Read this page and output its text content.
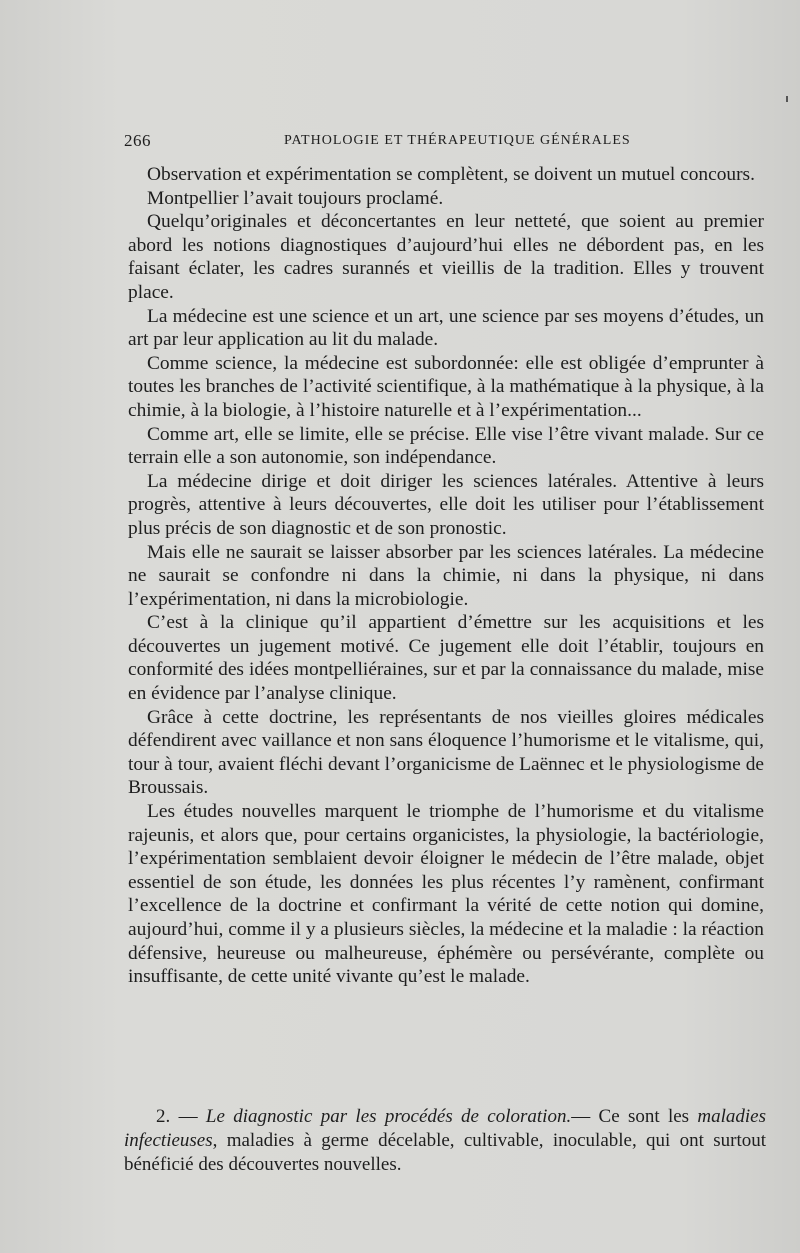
266	PATHOLOGIE ET THÉRAPEUTIQUE GÉNÉRALES

Observation et expérimentation se complètent, se doivent un mutuel concours.

Montpellier l’avait toujours proclamé.

Quelqu’originales et déconcertantes en leur netteté, que soient au premier abord les notions diagnostiques d’aujourd’hui elles ne débordent pas, en les faisant éclater, les cadres surannés et vieillis de la tradition. Elles y trouvent place.

La médecine est une science et un art, une science par ses moyens d’études, un art par leur application au lit du malade.

Comme science, la médecine est subordonnée: elle est obligée d’emprunter à toutes les branches de l’activité scientifique, à la mathématique à la physique, à la chimie, à la biologie, à l’histoire naturelle et à l’expérimentation...

Comme art, elle se limite, elle se précise. Elle vise l’être vivant malade. Sur ce terrain elle a son autonomie, son indépendance.

La médecine dirige et doit diriger les sciences latérales. Attentive à leurs progrès, attentive à leurs découvertes, elle doit les utiliser pour l’établissement plus précis de son diagnostic et de son pronostic.

Mais elle ne saurait se laisser absorber par les sciences latérales. La médecine ne saurait se confondre ni dans la chimie, ni dans la physique, ni dans l’expérimentation, ni dans la microbiologie.

C’est à la clinique qu’il appartient d’émettre sur les acquisitions et les découvertes un jugement motivé. Ce jugement elle doit l’établir, toujours en conformité des idées montpelliéraines, sur et par la connaissance du malade, mise en évidence par l’analyse clinique.

Grâce à cette doctrine, les représentants de nos vieilles gloires médicales défendirent avec vaillance et non sans éloquence l’humorisme et le vitalisme, qui, tour à tour, avaient fléchi devant l’organicisme de Laënnec et le physiologisme de Broussais.

Les études nouvelles marquent le triomphe de l’humorisme et du vitalisme rajeunis, et alors que, pour certains organicistes, la physiologie, la bactériologie, l’expérimentation semblaient devoir éloigner le médecin de l’être malade, objet essentiel de son étude, les données les plus récentes l’y ramènent, confirmant l’excellence de la doctrine et confirmant la vérité de cette notion qui domine, aujourd’hui, comme il y a plusieurs siècles, la médecine et la maladie : la réaction défensive, heureuse ou malheureuse, éphémère ou persévérante, complète ou insuffisante, de cette unité vivante qu’est le malade.

2. — Le diagnostic par les procédés de coloration.— Ce sont les maladies infectieuses, maladies à germe décelable, cultivable, inoculable, qui ont surtout bénéficié des découvertes nouvelles.
